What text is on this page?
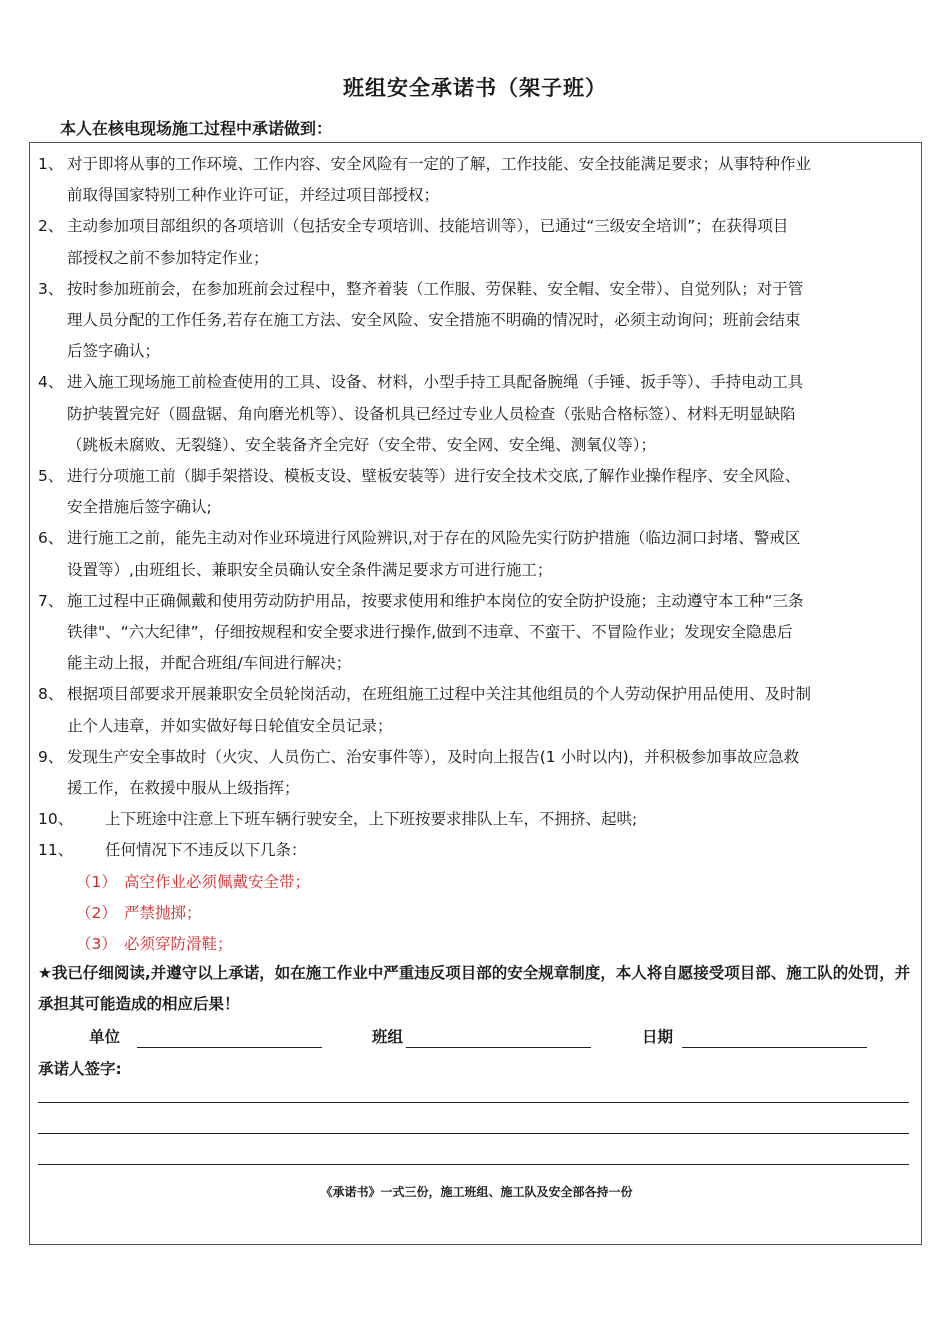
班组安全承诺书（架子班）
本人在核电现场施工过程中承诺做到：
1、 对于即将从事的工作环境、工作内容、安全风险有一定的了解，工作技能、安全技能满足要求；从事特种作业
前取得国家特别工种作业许可证，并经过项目部授权；
2、 主动参加项目部组织的各项培训（包括安全专项培训、技能培训等），已通过“三级安全培训”；在获得项目
部授权之前不参加特定作业；
3、 按时参加班前会，在参加班前会过程中，整齐着装（工作服、劳保鞋、安全帽、安全带）、自觉列队；对于管
理人员分配的工作任务,若存在施工方法、安全风险、安全措施不明确的情况时，必须主动询问；班前会结束
后签字确认；
4、 进入施工现场施工前检查使用的工具、设备、材料，小型手持工具配备腕绳（手锤、扳手等）、手持电动工具
防护装置完好（圆盘锯、角向磨光机等）、设备机具已经过专业人员检查（张贴合格标签）、材料无明显缺陷
（跳板未腐败、无裂缝）、安全装备齐全完好（安全带、安全网、安全绳、测氧仪等）；
5、 进行分项施工前（脚手架搭设、模板支设、壁板安装等）进行安全技术交底,了解作业操作程序、安全风险、
安全措施后签字确认;
6、 进行施工之前，能先主动对作业环境进行风险辨识,对于存在的风险先实行防护措施（临边洞口封堵、警戒区
设置等）,由班组长、兼职安全员确认安全条件满足要求方可进行施工；
7、 施工过程中正确佩戴和使用劳动防护用品，按要求使用和维护本岗位的安全防护设施；主动遵守本工种“三条
铁律"、“六大纪律”，仔细按规程和安全要求进行操作,做到不违章、不蛮干、不冒险作业；发现安全隐患后
能主动上报，并配合班组/车间进行解决；
8、 根据项目部要求开展兼职安全员轮岗活动，在班组施工过程中关注其他组员的个人劳动保护用品使用、及时制
止个人违章，并如实做好每日轮值安全员记录；
9、 发现生产安全事故时（火灾、人员伤亡、治安事件等），及时向上报告(1 小时以内)，并积极参加事故应急救
援工作，在救援中服从上级指挥；
10、 上下班途中注意上下班车辆行驶安全，上下班按要求排队上车，不拥挤、起哄;
11、 任何情况下不违反以下几条：
（1） 高空作业必须佩戴安全带；
（2） 严禁抛掷；
（3） 必须穿防滑鞋；
★我已仔细阅读,并遵守以上承诺，如在施工作业中严重违反项目部的安全规章制度，本人将自愿接受项目部、施工队的处罚，并承担其可能造成的相应后果！
单位	班组	日期
承诺人签字:
《承诺书》一式三份，施工班组、施工队及安全部各持一份
